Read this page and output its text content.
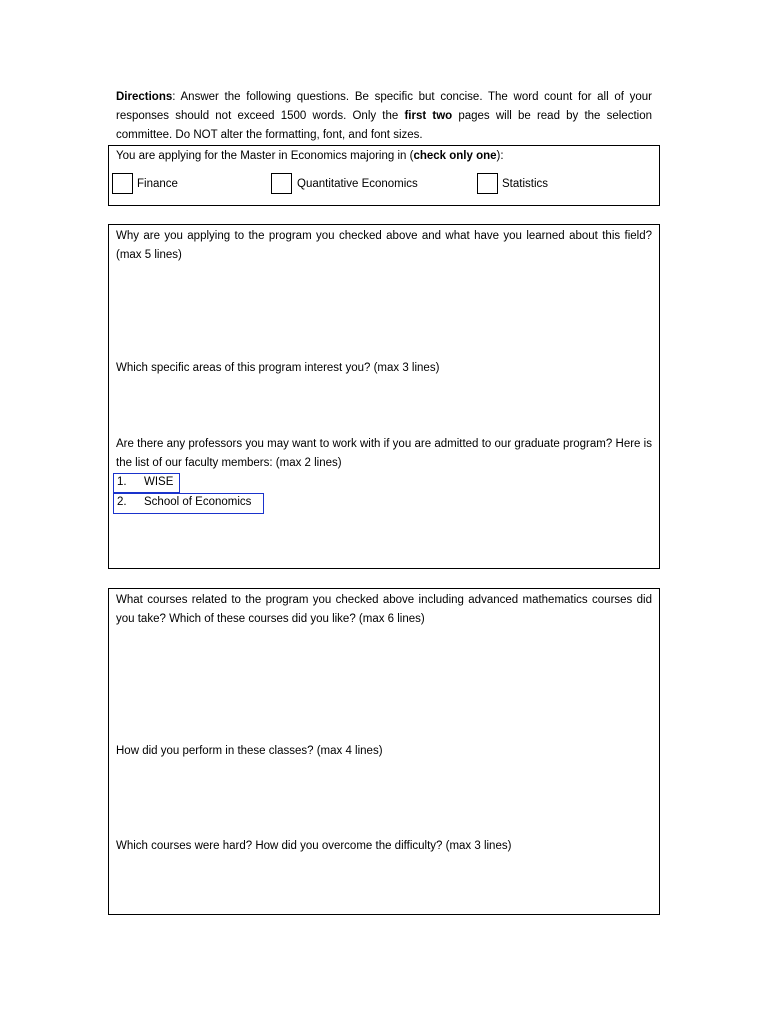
Directions: Answer the following questions. Be specific but concise. The word count for all of your responses should not exceed 1500 words. Only the first two pages will be read by the selection committee. Do NOT alter the formatting, font, and font sizes.
You are applying for the Master in Economics majoring in (check only one):
Finance	Quantitative Economics	Statistics
Why are you applying to the program you checked above and what have you learned about this field? (max 5 lines)
Which specific areas of this program interest you? (max 3 lines)
Are there any professors you may want to work with if you are admitted to our graduate program? Here is the list of our faculty members: (max 2 lines)
1. WISE
2. School of Economics
What courses related to the program you checked above including advanced mathematics courses did you take? Which of these courses did you like? (max 6 lines)
How did you perform in these classes? (max 4 lines)
Which courses were hard? How did you overcome the difficulty? (max 3 lines)
